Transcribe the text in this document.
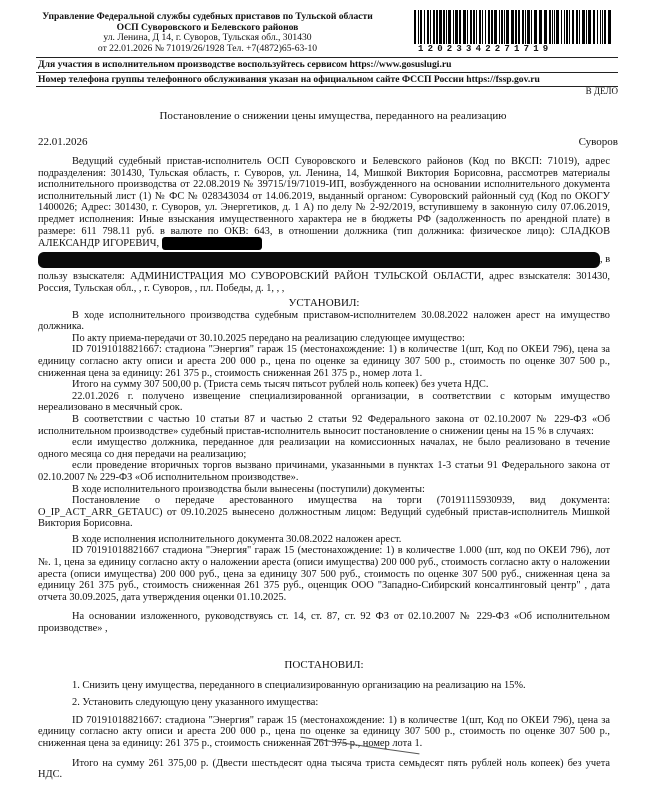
Управление Федеральной службы судебных приставов по Тульской области
ОСП Суворовского и Белевского районов
ул. Ленина, Д 14, г. Суворов, Тульская обл., 301430
от 22.01.2026 № 71019/26/1928 Тел. +7(4872)65-63-10	12023342271719
Для участия в исполнительном производстве воспользуйтесь сервисом https://www.gosuslugi.ru
Номер телефона группы телефонного обслуживания указан на официальном сайте ФССП России https://fssp.gov.ru
В ДЕЛО
Постановление о снижении цены имущества, переданного на реализацию
22.01.2026	Суворов

Ведущий судебный пристав-исполнитель ОСП Суворовского и Белевского районов (Код по ВКСП: 71019), адрес подразделения: 301430, Тульская область, г. Суворов, ул. Ленина, 14, Мишкой Виктория Борисовна, рассмотрев материалы исполнительного производства от 22.08.2019 № 39715/19/71019-ИП, возбужденного на основании исполнительного документа исполнительный лист (1) № ФС № 028343034 от 14.06.2019, выданный органом: Суворовский районный суд (Код по ОКОГУ 1400026; Адрес: 301430, г. Суворов, ул. Энергетиков, д. 1 А) по делу № 2-92/2019, вступившему в законную силу 07.06.2019, предмет исполнения: Иные взыскания имущественного характера не в бюджеты РФ (задолженность по арендной плате) в размере: 611 798.11 руб. в валюте по ОКВ: 643, в отношении должника (тип должника: физическое лицо): СЛАДКОВ АЛЕКСАНДР ИГОРЕВИЧ,

, в

пользу взыскателя: АДМИНИСТРАЦИЯ МО СУВОРОВСКИЙ РАЙОН ТУЛЬСКОЙ ОБЛАСТИ, адрес взыскателя: 301430, Россия, Тульская обл., , г. Суворов, , пл. Победы, д. 1, , ,

УСТАНОВИЛ:

В ходе исполнительного производства судебным приставом-исполнителем 30.08.2022 наложен арест на имущество должника.

По акту приема-передачи от 30.10.2025 передано на реализацию следующее имущество:

ID 70191018821667: стадиона "Энергия" гараж 15 (местонахождение: 1) в количестве 1(шт, Код по ОКЕИ 796), цена за единицу согласно акту описи и ареста 200 000 р., цена по оценке за единицу 307 500 р., стоимость по оценке 307 500 р., сниженная цена за единицу: 261 375 р., стоимость сниженная 261 375 р., номер лота 1.

Итого на сумму 307 500,00 р. (Триста семь тысяч пятьсот рублей ноль копеек) без учета НДС.

22.01.2026 г. получено извещение специализированной организации, в соответствии с которым имущество нереализовано в месячный срок.

В соответствии с частью 10 статьи 87 и частью 2 статьи 92 Федерального закона от 02.10.2007 № 229-ФЗ «Об исполнительном производстве» судебный пристав-исполнитель выносит постановление о снижении цены на 15 % в случаях:

если имущество должника, переданное для реализации на комиссионных началах, не было реализовано в течение одного месяца со дня передачи на реализацию;

если проведение вторичных торгов вызвано причинами, указанными в пунктах 1-3 статьи 91 Федерального закона от 02.10.2007 № 229-ФЗ «Об исполнительном производстве».

В ходе исполнительного производства были вынесены (поступили) документы:

Постановление о передаче арестованного имущества на торги (70191115930939, вид документа: O_IP_ACT_ARR_GETAUC) от 09.10.2025 вынесено должностным лицом: Ведущий судебный пристав-исполнитель Мишкой Виктория Борисовна.

В ходе исполнения исполнительного документа 30.08.2022 наложен арест.

ID 70191018821667 стадиона "Энергия" гараж 15 (местонахождение: 1) в количестве 1.000 (шт, код по ОКЕИ 796), лот №. 1, цена за единицу согласно акту о наложении ареста (описи имущества) 200 000 руб., стоимость согласно акту о наложении ареста (описи имущества) 200 000 руб., цена за единицу 307 500 руб., стоимость по оценке 307 500 руб., сниженная цена за единицу 261 375 руб., стоимость сниженная 261 375 руб., оценщик ООО "Западно-Сибирский консалтинговый центр" , дата отчета 30.09.2025, дата утверждения оценки 01.10.2025.

На основании изложенного, руководствуясь ст. 14, ст. 87, ст. 92 ФЗ от 02.10.2007 № 229-ФЗ «Об исполнительном производстве» ,

ПОСТАНОВИЛ:

1. Снизить цену имущества, переданного в специализированную организацию на реализацию на 15%.

2. Установить следующую цену указанного имущества:

ID 70191018821667: стадиона "Энергия" гараж 15 (местонахождение: 1) в количестве 1(шт, Код по ОКЕИ 796), цена за единицу согласно акту описи и ареста 200 000 р., цена по оценке за единицу 307 500 р., стоимость по оценке 307 500 р., сниженная цена за единицу: 261 375 р., стоимость сниженная 261 375 р., номер лота 1.

Итого на сумму 261 375,00 р. (Двести шестьдесят одна тысяча триста семьдесят пять рублей ноль копеек) без учета НДС.
